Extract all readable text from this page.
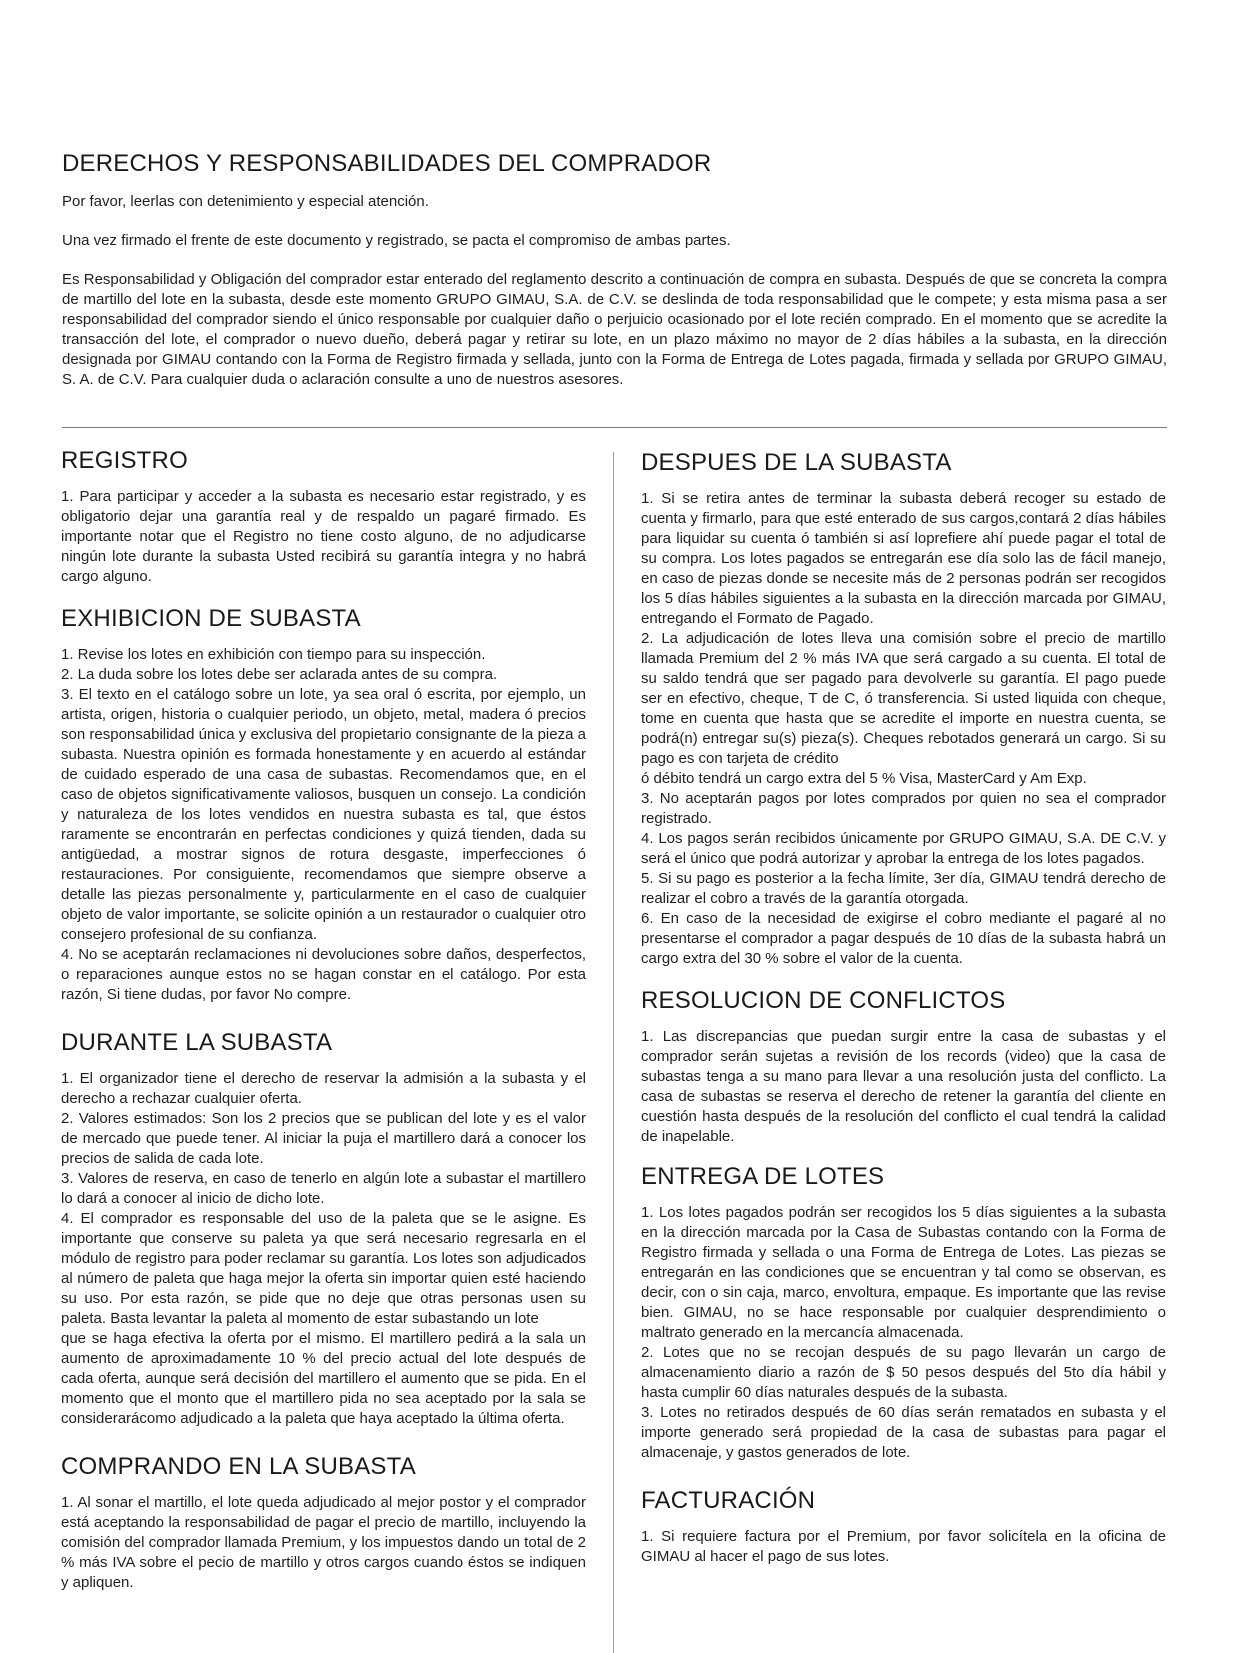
DERECHOS Y RESPONSABILIDADES DEL COMPRADOR

Por favor, leerlas con detenimiento y especial atención.

Una vez firmado el frente de este documento y registrado, se pacta el compromiso de ambas partes.

Es Responsabilidad y Obligación del comprador estar enterado del reglamento descrito a continuación de compra en subasta. Después de que se concreta la compra de martillo del lote en la subasta, desde este momento GRUPO GIMAU, S.A. de C.V. se deslinda de toda responsabilidad que le compete; y esta misma pasa a ser responsabilidad del comprador siendo el único responsable por cualquier daño o perjuicio ocasionado por el lote recién comprado. En el momento que se acredite la transacción del lote, el comprador o nuevo dueño, deberá pagar y retirar su lote, en un plazo máximo no mayor de 2 días hábiles a la subasta, en la dirección designada por GIMAU contando con la Forma de Registro firmada y sellada, junto con la Forma de Entrega de Lotes pagada, firmada y sellada por GRUPO GIMAU, S. A. de C.V. Para cualquier duda o aclaración consulte a uno de nuestros asesores.

REGISTRO

1. Para participar y acceder a la subasta es necesario estar registrado, y es obligatorio dejar una garantía real y de respaldo un pagaré firmado. Es importante notar que el Registro no tiene costo alguno, de no adjudicarse ningún lote durante la subasta Usted recibirá su garantía integra y no habrá cargo alguno.

EXHIBICION DE SUBASTA

1. Revise los lotes en exhibición con tiempo para su inspección.

2. La duda sobre los lotes debe ser aclarada antes de su compra.

3. El texto en el catálogo sobre un lote, ya sea oral ó escrita, por ejemplo, un artista, origen, historia o cualquier periodo, un objeto, metal, madera ó precios son responsabilidad única y exclusiva del propietario consignante de la pieza a subasta. Nuestra opinión es formada honestamente y en acuerdo al estándar de cuidado esperado de una casa de subastas. Recomendamos que, en el caso de objetos significativamente valiosos, busquen un consejo. La condición y naturaleza de los lotes vendidos en nuestra subasta es tal, que éstos raramente se encontrarán en perfectas condiciones y quizá tienden, dada su antigüedad, a mostrar signos de rotura desgaste, imperfecciones ó restauraciones. Por consiguiente, recomendamos que siempre observe a detalle las piezas personalmente y, particularmente en el caso de cualquier objeto de valor importante, se solicite opinión a un restaurador o cualquier otro consejero profesional de su confianza.

4. No se aceptarán reclamaciones ni devoluciones sobre daños, desperfectos, o reparaciones aunque estos no se hagan constar en el catálogo. Por esta razón, Si tiene dudas, por favor No compre.

DURANTE LA SUBASTA

1. El organizador tiene el derecho de reservar la admisión a la subasta y el derecho a rechazar cualquier oferta.

2. Valores estimados: Son los 2 precios que se publican del lote y es el valor de mercado que puede tener. Al iniciar la puja el martillero dará a conocer los precios de salida de cada lote.

3. Valores de reserva, en caso de tenerlo en algún lote a subastar el martillero lo dará a conocer al inicio de dicho lote.

4. El comprador es responsable del uso de la paleta que se le asigne. Es importante que conserve su paleta ya que será necesario regresarla en el módulo de registro para poder reclamar su garantía. Los lotes son adjudicados al número de paleta que haga mejor la oferta sin importar quien esté haciendo su uso. Por esta razón, se pide que no deje que otras personas usen su paleta. Basta levantar la paleta al momento de estar subastando un lote

que se haga efectiva la oferta por el mismo. El martillero pedirá a la sala un aumento de aproximadamente 10 % del precio actual del lote después de cada oferta, aunque será decisión del martillero el aumento que se pida. En el momento que el monto que el martillero pida no sea aceptado por la sala se considerarácomo adjudicado a la paleta que haya aceptado la última oferta.

COMPRANDO EN LA SUBASTA

1. Al sonar el martillo, el lote queda adjudicado al mejor postor y el comprador está aceptando la responsabilidad de pagar el precio de martillo, incluyendo la comisión del comprador llamada Premium, y los impuestos dando un total de 2 % más IVA sobre el pecio de martillo y otros cargos cuando éstos se indiquen y apliquen.

DESPUES DE LA SUBASTA

1. Si se retira antes de terminar la subasta deberá recoger su estado de cuenta y firmarlo, para que esté enterado de sus cargos,contará 2 días hábiles para liquidar su cuenta ó también si así loprefiere ahí puede pagar el total de su compra. Los lotes pagados se entregarán ese día solo las de fácil manejo, en caso de piezas donde se necesite más de 2 personas podrán ser recogidos los 5 días hábiles siguientes a la subasta en la dirección marcada por GIMAU, entregando el Formato de Pagado.

2. La adjudicación de lotes lleva una comisión sobre el precio de martillo llamada Premium del 2 % más IVA que será cargado a su cuenta. El total de su saldo tendrá que ser pagado para devolverle su garantía. El pago puede ser en efectivo, cheque, T de C, ó transferencia. Si usted liquida con cheque, tome en cuenta que hasta que se acredite el importe en nuestra cuenta, se podrá(n) entregar su(s) pieza(s). Cheques rebotados generará un cargo. Si su pago es con tarjeta de crédito

ó débito tendrá un cargo extra del 5 % Visa, MasterCard y Am Exp.

3. No aceptarán pagos por lotes comprados por quien no sea el comprador registrado.

4. Los pagos serán recibidos únicamente por GRUPO GIMAU, S.A. DE C.V. y será el único que podrá autorizar y aprobar la entrega de los lotes pagados.

5. Si su pago es posterior a la fecha límite, 3er día, GIMAU tendrá derecho de realizar el cobro a través de la garantía otorgada.

6. En caso de la necesidad de exigirse el cobro mediante el pagaré al no presentarse el comprador a pagar después de 10 días de la subasta habrá un cargo extra del 30 % sobre el valor de la cuenta.

RESOLUCION DE CONFLICTOS

1. Las discrepancias que puedan surgir entre la casa de subastas y el comprador serán sujetas a revisión de los records (video) que la casa de subastas tenga a su mano para llevar a una resolución justa del conflicto. La casa de subastas se reserva el derecho de retener la garantía del cliente en cuestión hasta después de la resolución del conflicto el cual tendrá la calidad de inapelable.

ENTREGA DE LOTES

1. Los lotes pagados podrán ser recogidos los 5 días siguientes a la subasta en la dirección marcada por la Casa de Subastas contando con la Forma de Registro firmada y sellada o una Forma de Entrega de Lotes. Las piezas se entregarán en las condiciones que se encuentran y tal como se observan, es decir, con o sin caja, marco, envoltura, empaque. Es importante que las revise bien. GIMAU, no se hace responsable por cualquier desprendimiento o maltrato generado en la mercancía almacenada.

2. Lotes que no se recojan después de su pago llevarán un cargo de almacenamiento diario a razón de $ 50 pesos después del 5to día hábil y hasta cumplir 60 días naturales después de la subasta.

3. Lotes no retirados después de 60 días serán rematados en subasta y el importe generado será propiedad de la casa de subastas para pagar el almacenaje, y gastos generados de lote.

FACTURACIÓN

1. Si requiere factura por el Premium, por favor solicítela en la oficina de GIMAU al hacer el pago de sus lotes.
